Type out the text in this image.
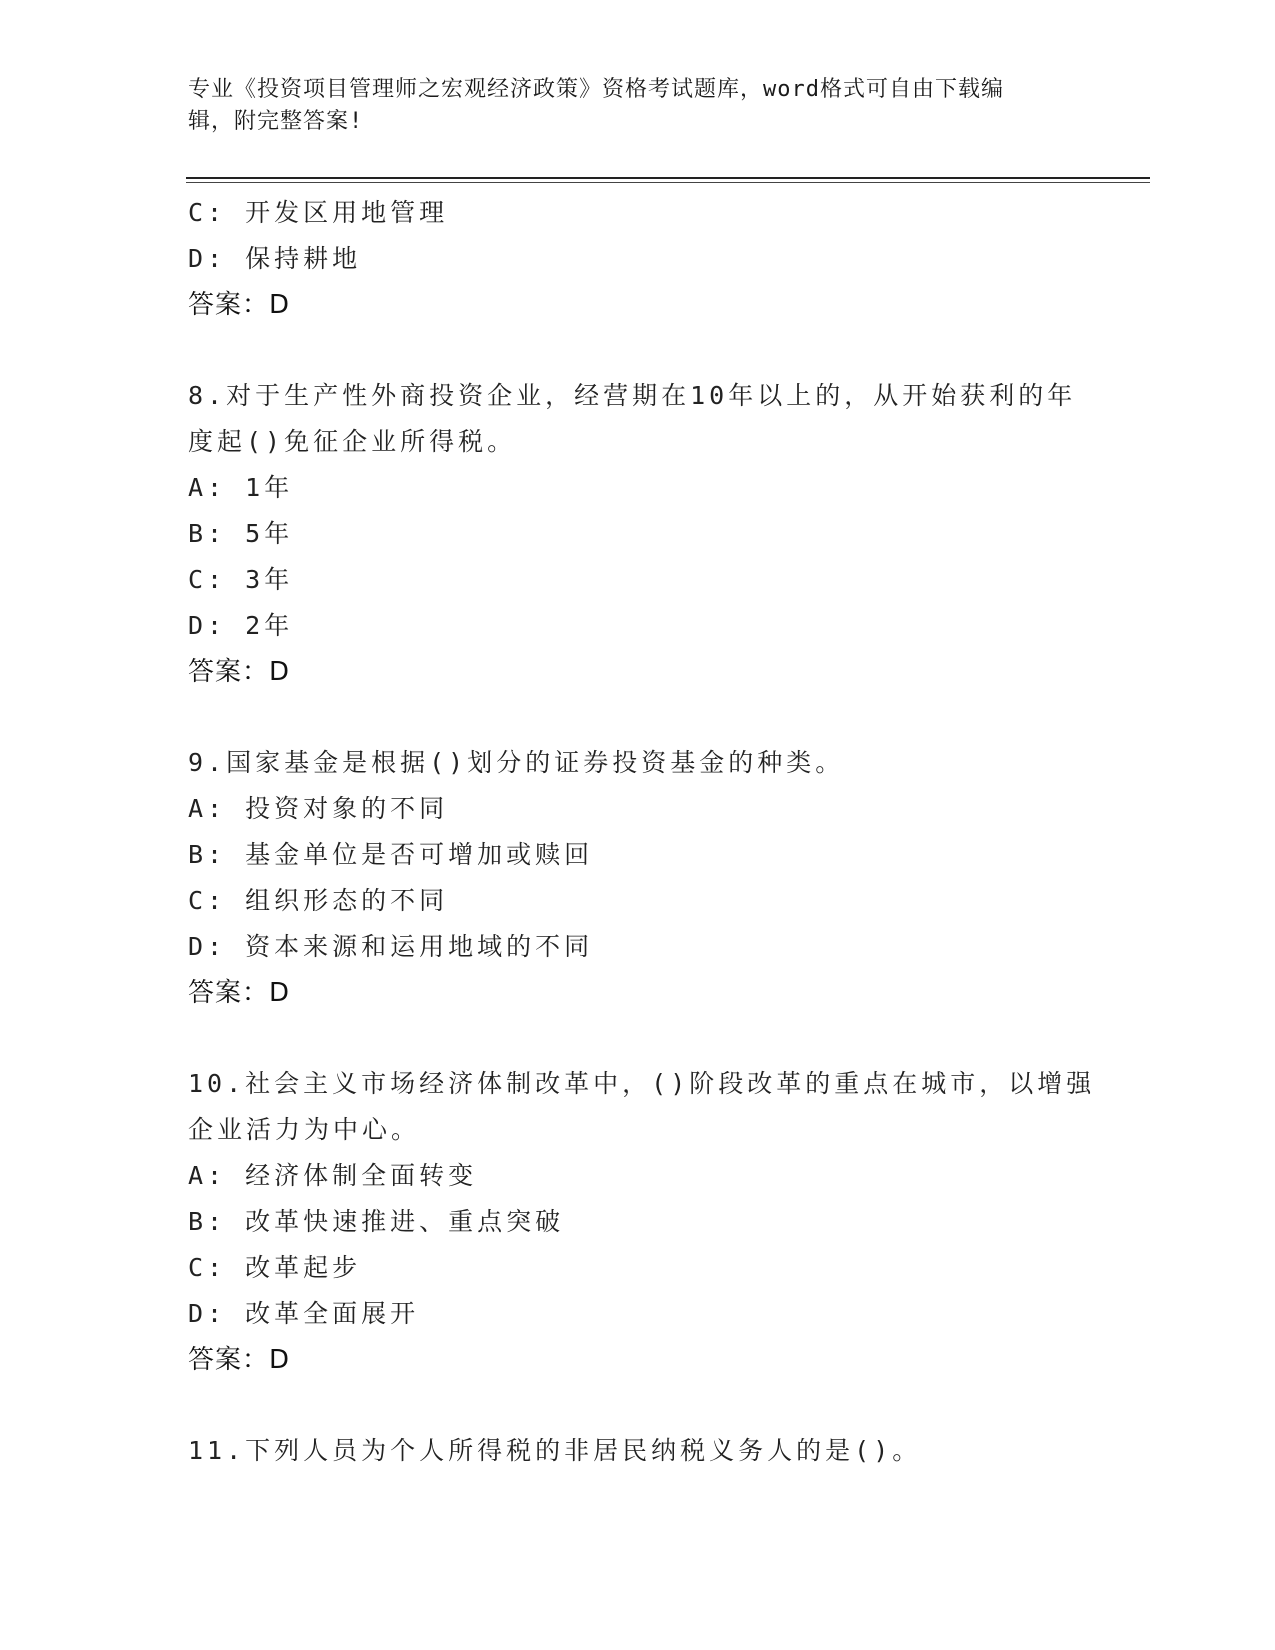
专业《投资项目管理师之宏观经济政策》资格考试题库，word格式可自由下载编
辑，附完整答案!
C: 开发区用地管理
D: 保持耕地
答案：D
8.对于生产性外商投资企业，经营期在10年以上的，从开始获利的年
度起()免征企业所得税。
A: 1年
B: 5年
C: 3年
D: 2年
答案：D
9.国家基金是根据()划分的证券投资基金的种类。
A: 投资对象的不同
B: 基金单位是否可增加或赎回
C: 组织形态的不同
D: 资本来源和运用地域的不同
答案：D
10.社会主义市场经济体制改革中，()阶段改革的重点在城市，以增强
企业活力为中心。
A: 经济体制全面转变
B: 改革快速推进、重点突破
C: 改革起步
D: 改革全面展开
答案：D
11.下列人员为个人所得税的非居民纳税义务人的是()。
